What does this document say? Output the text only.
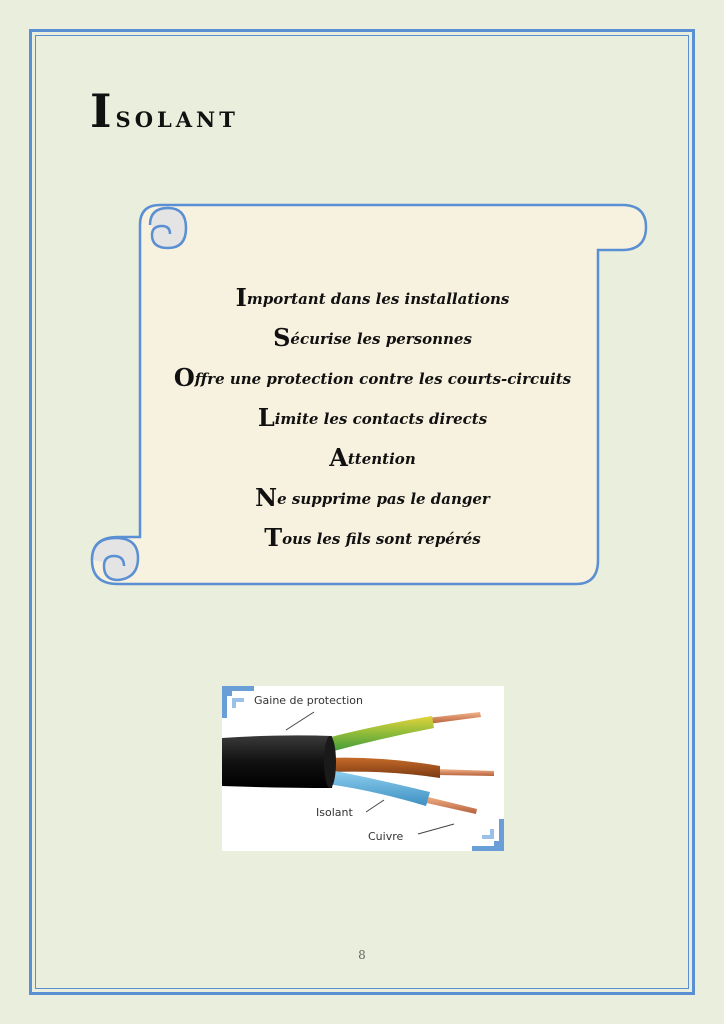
Isolant
Important dans les installations
Sécurise les personnes
Offre une protection contre les courts-circuits
Limite les contacts directs
Attention
Ne supprime pas le danger
Tous les fils sont repérés
Gaine de protection
Isolant
Cuivre
8
